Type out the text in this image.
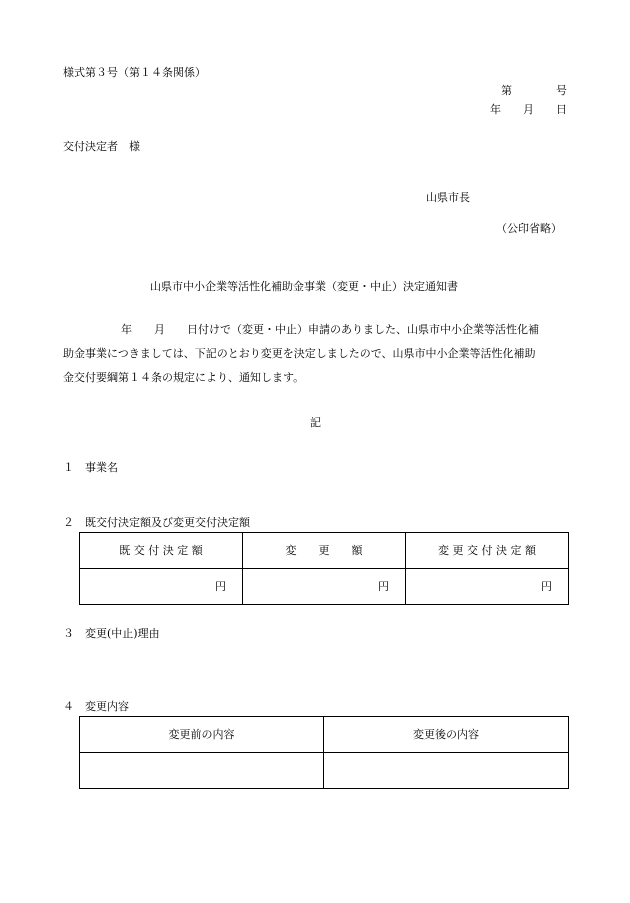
様式第３号（第１４条関係）
第　　　　号
年　　月　　日
交付決定者　様
山県市長
（公印省略）
山県市中小企業等活性化補助金事業（変更・中止）決定通知書
年　　月　　日付けで（変更・中止）申請のありました、山県市中小企業等活性化補
助金事業につきましては、下記のとおり変更を決定しましたので、山県市中小企業等活性化補助
金交付要綱第１４条の規定により、通知します。
記
１　事業名
２　既交付決定額及び変更交付決定額
既 交 付 決 定 額	変　　更　　額	変 更 交 付 決 定 額
円	円	円
３　変更(中止)理由
４　変更内容
変更前の内容	変更後の内容
